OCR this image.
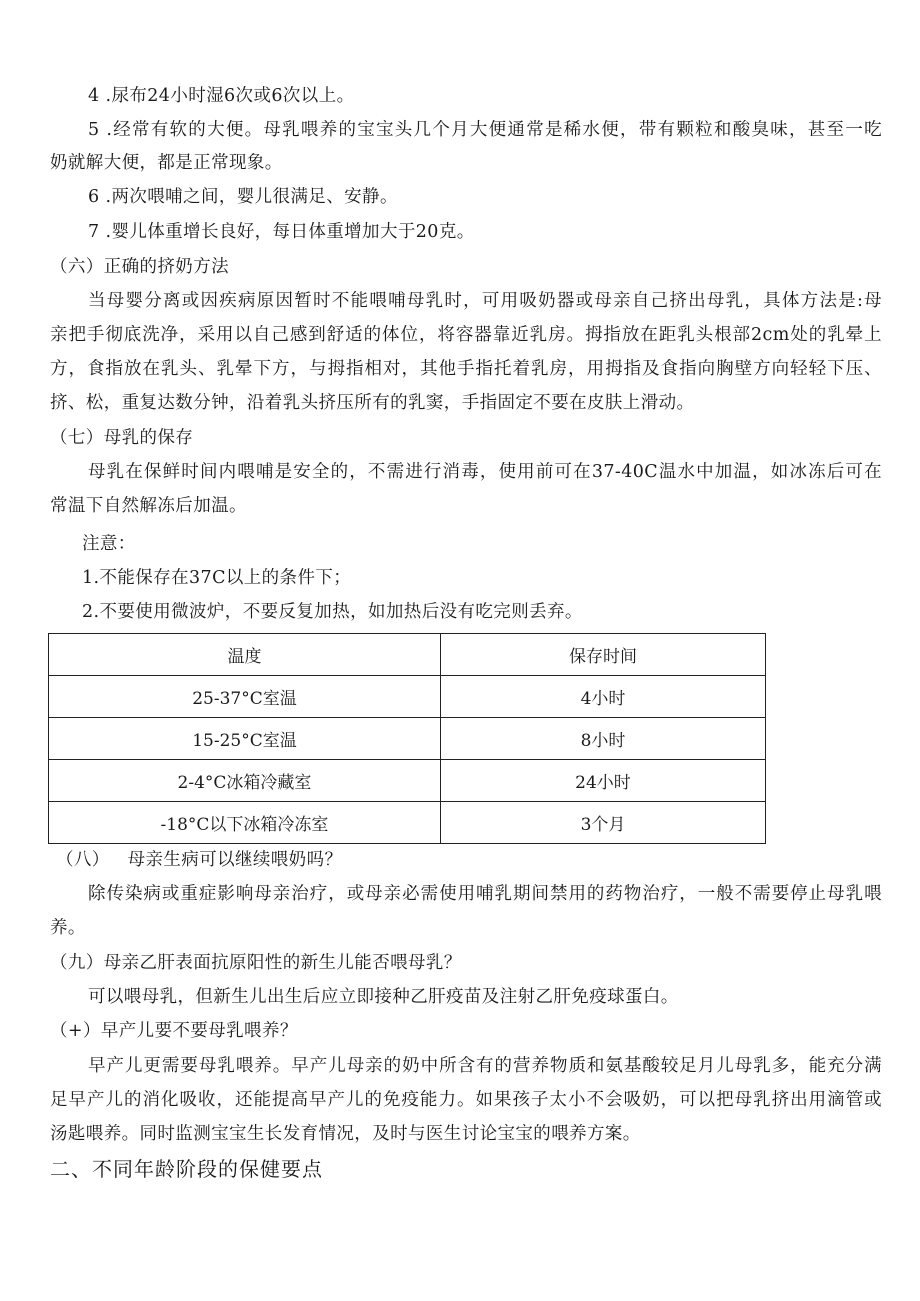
4 .尿布24小时湿6次或6次以上。
5 .经常有软的大便。母乳喂养的宝宝头几个月大便通常是稀水便，带有颗粒和酸臭味，甚至一吃
奶就解大便，都是正常现象。
6 .两次喂哺之间，婴儿很满足、安静。
7 .婴儿体重增长良好，每日体重增加大于20克。
（六）正确的挤奶方法
当母婴分离或因疾病原因暂时不能喂哺母乳时，可用吸奶器或母亲自己挤出母乳，具体方法是:母
亲把手彻底洗净，采用以自己感到舒适的体位，将容器靠近乳房。拇指放在距乳头根部2cm处的乳晕上
方，食指放在乳头、乳晕下方，与拇指相对，其他手指托着乳房，用拇指及食指向胸壁方向轻轻下压、
挤、松，重复达数分钟，沿着乳头挤压所有的乳窦，手指固定不要在皮肤上滑动。
（七）母乳的保存
母乳在保鲜时间内喂哺是安全的，不需进行消毒，使用前可在37-40C温水中加温，如冰冻后可在
常温下自然解冻后加温。
注意：
1.不能保存在37C以上的条件下；
2.不要使用微波炉，不要反复加热，如加热后没有吃完则丢弃。
温度	保存时间
25-37°C室温	4小时
15-25°C室温	8小时
2-4°C冰箱冷藏室	24小时
-18°C以下冰箱冷冻室	3个月
（八）   母亲生病可以继续喂奶吗？
除传染病或重症影响母亲治疗，或母亲必需使用哺乳期间禁用的药物治疗，一般不需要停止母乳喂
养。
（九）母亲乙肝表面抗原阳性的新生儿能否喂母乳？
可以喂母乳，但新生儿出生后应立即接种乙肝疫苗及注射乙肝免疫球蛋白。
（+）早产儿要不要母乳喂养？
早产儿更需要母乳喂养。早产儿母亲的奶中所含有的营养物质和氨基酸较足月儿母乳多，能充分满
足早产儿的消化吸收，还能提高早产儿的免疫能力。如果孩子太小不会吸奶，可以把母乳挤出用滴管或
汤匙喂养。同时监测宝宝生长发育情况，及时与医生讨论宝宝的喂养方案。
二、不同年龄阶段的保健要点
